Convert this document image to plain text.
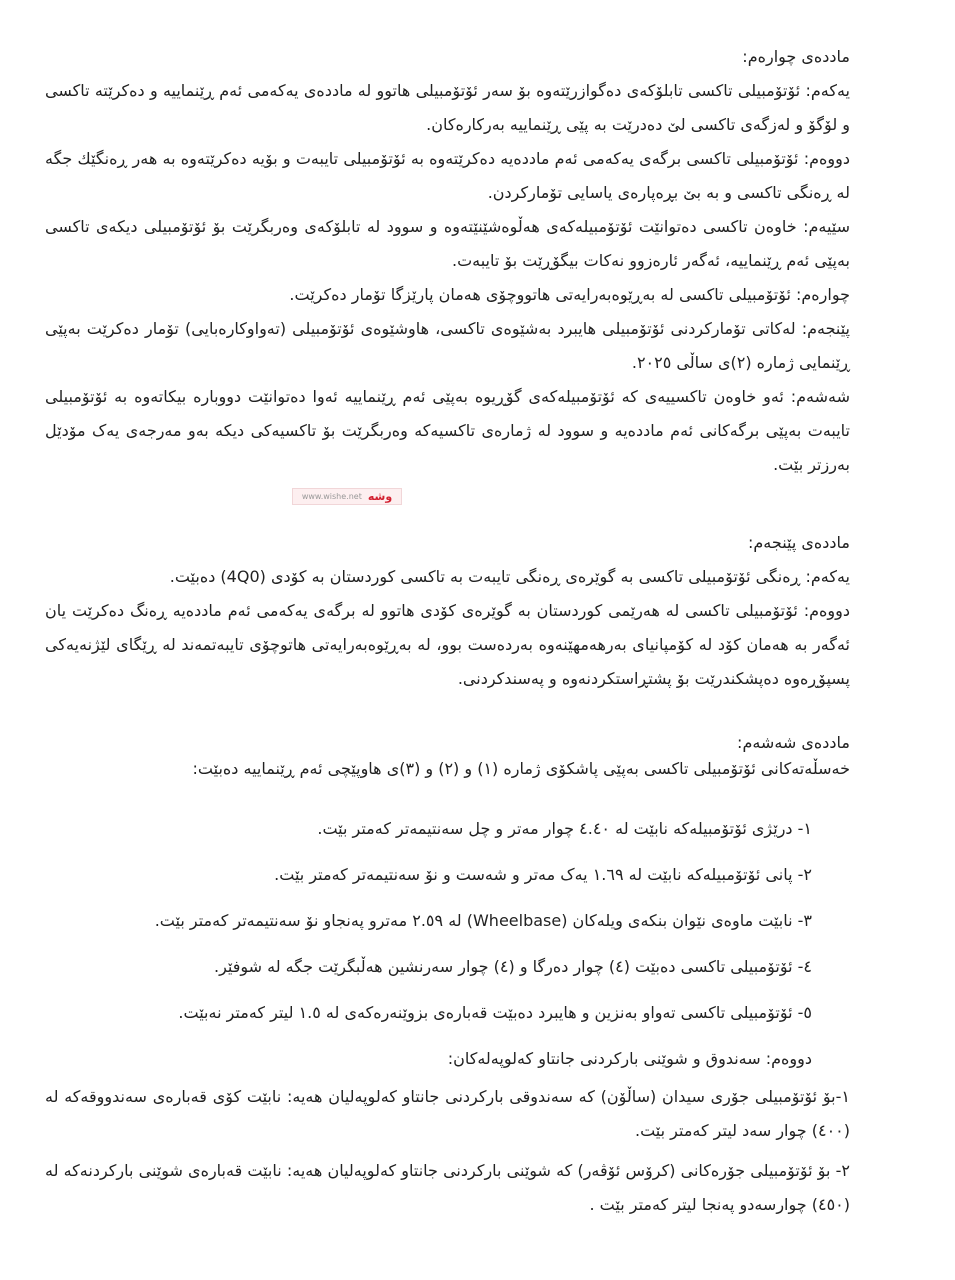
ماددەی چوارەم:

یەکەم: ئۆتۆمبیلی تاکسی تابلۆکەی دەگوازرێتەوە بۆ سەر ئۆتۆمبیلی هاتوو لە ماددەی یەکەمی ئەم ڕێنماییە و دەکرێتە تاکسی و لۆگۆ و لەزگەی تاکسی لێ دەدرێت بە پێی ڕێنماییە بەرکارەکان.

دووەم: ئۆتۆمبیلی تاکسی برگەی یەکەمی ئەم ماددەیە دەکرێتەوە بە ئۆتۆمبیلی تایبەت و بۆیە دەکرێتەوە بە هەر ڕەنگێك جگە لە ڕەنگی تاکسی و بە بێ بڕەپارەی یاسایی تۆمارکردن.

سێیەم: خاوەن تاکسی دەتوانێت ئۆتۆمبیلەکەی هەڵوەشێنێتەوە و سوود لە تابلۆکەی وەربگرێت بۆ ئۆتۆمبیلی دیکەی تاکسی بەپێی ئەم ڕێنماییە، ئەگەر ئارەزوو نەکات بیگۆڕێت بۆ تایبەت.

چوارەم: ئۆتۆمبیلی تاکسی لە بەڕێوەبەرایەتی هاتووچۆی هەمان پارێزگا تۆمار دەکرێت.

پێنجەم: لەکاتی تۆمارکردنی ئۆتۆمبیلی هایبرد بەشێوەی تاکسی، هاوشێوەی ئۆتۆمبیلی (تەواوکارەبایی) تۆمار دەکرێت بەپێی ڕێنمایی ژمارە (٢)ی ساڵی ٢٠٢٥.

شەشەم: ئەو خاوەن تاکسییەی کە ئۆتۆمبیلەکەی گۆڕیوە بەپێی ئەم ڕێنماییە ئەوا دەتوانێت دووبارە بیکاتەوە بە ئۆتۆمبیلی تایبەت بەپێی برگەکانی ئەم ماددەیە و سوود لە ژمارەی تاکسیەکە وەربگرێت بۆ تاکسیەکی دیکە بەو مەرجەی یەک مۆدێل بەرزتر بێت.

www.wishe.net وشە

ماددەی پێنجەم:

یەکەم: ڕەنگی ئۆتۆمبیلی تاکسی بە گوێرەی ڕەنگی تایبەت بە تاکسی کوردستان بە کۆدی (4Q0) دەبێت.

دووەم: ئۆتۆمبیلی تاکسی لە هەرێمی کوردستان بە گوێرەی کۆدی هاتوو لە برگەی یەکەمی ئەم ماددەیە ڕەنگ دەکرێت یان ئەگەر بە هەمان کۆد لە کۆمپانیای بەرهەمهێنەوە بەردەست بوو، لە بەڕێوەبەرایەتی هاتوچۆی تایبەتمەند لە ڕێگای لێژنەیەکی پسپۆڕەوە دەپشکندرێت بۆ پشتڕاستکردنەوە و پەسندکردنی.

ماددەی شەشەم:

خەسڵەتەکانی ئۆتۆمبیلی تاکسی بەپێی پاشکۆی ژمارە (١) و (٢) و (٣)ی هاوپێچی ئەم ڕێنماییە دەبێت:

١- درێژی ئۆتۆمبیلەکە نابێت لە ٤.٤٠ چوار مەتر و چل سەنتیمەتر کەمتر بێت.

٢- پانی ئۆتۆمبیلەکە نابێت لە ١.٦٩ یەک مەتر و شەست و نۆ سەنتیمەتر کەمتر بێت.

٣- نابێت ماوەی نێوان بنکەی ویلەکان (Wheelbase) لە ٢.٥٩ مەترو پەنجاو نۆ سەنتیمەتر کەمتر بێت.

٤- ئۆتۆمبیلی تاکسی دەبێت (٤) چوار دەرگا و (٤) چوار سەرنشین هەڵبگرێت جگە لە شوفێر.

٥- ئۆتۆمبیلی تاکسی تەواو بەنزین و هایبرد دەبێت قەبارەی بزوێنەرەکەی لە ١.٥ لیتر کەمتر نەبێت.

دووەم: سەندوق و شوێنی بارکردنی جانتاو کەلوپەلەکان:

١-بۆ ئۆتۆمبیلی جۆری سیدان (ساڵۆن) کە سەندوقی بارکردنی جانتاو کەلوپەلیان هەیە: نابێت کۆی قەبارەی سەندووقەکە لە (٤٠٠) چوار سەد لیتر کەمتر بێت.

٢- بۆ ئۆتۆمبیلی جۆرەکانی (کرۆس ئۆڤەر) کە شوێنی بارکردنی جانتاو کەلوپەلیان هەیە: نابێت قەبارەی شوێنی بارکردنەکە لە (٤٥٠) چوارسەدو پەنجا لیتر کەمتر بێت .
